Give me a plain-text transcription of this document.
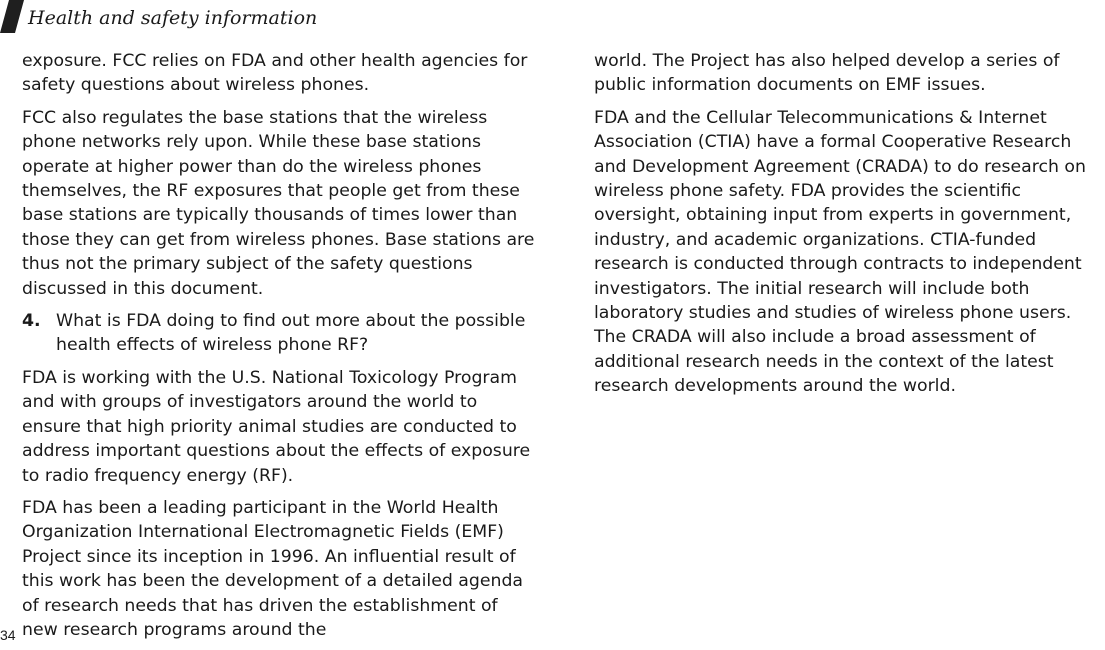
Health and safety information

exposure. FCC relies on FDA and other health agencies for safety questions about wireless phones.

FCC also regulates the base stations that the wireless phone networks rely upon. While these base stations operate at higher power than do the wireless phones themselves, the RF exposures that people get from these base stations are typically thousands of times lower than those they can get from wireless phones. Base stations are thus not the primary subject of the safety questions discussed in this document.

4. What is FDA doing to find out more about the possible health effects of wireless phone RF?

FDA is working with the U.S. National Toxicology Program and with groups of investigators around the world to ensure that high priority animal studies are conducted to address important questions about the effects of exposure to radio frequency energy (RF).

FDA has been a leading participant in the World Health Organization International Electromagnetic Fields (EMF) Project since its inception in 1996. An influential result of this work has been the development of a detailed agenda of research needs that has driven the establishment of new research programs around the

world. The Project has also helped develop a series of public information documents on EMF issues.

FDA and the Cellular Telecommunications & Internet Association (CTIA) have a formal Cooperative Research and Development Agreement (CRADA) to do research on wireless phone safety. FDA provides the scientific oversight, obtaining input from experts in government, industry, and academic organizations. CTIA-funded research is conducted through contracts to independent investigators. The initial research will include both laboratory studies and studies of wireless phone users. The CRADA will also include a broad assessment of additional research needs in the context of the latest research developments around the world.

34
